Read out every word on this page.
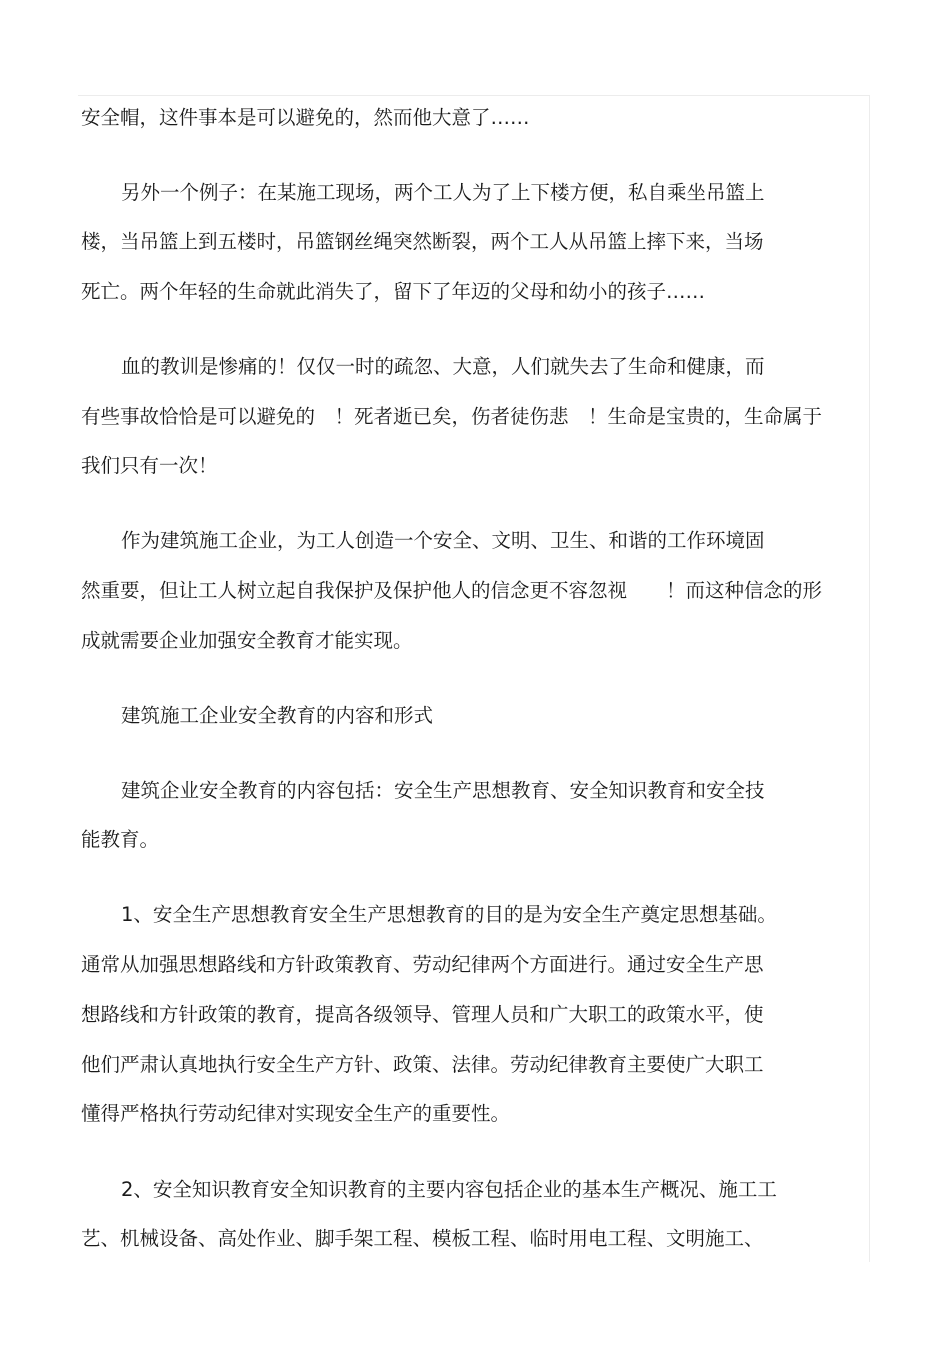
安全帽，这件事本是可以避免的，然而他大意了……

另外一个例子：在某施工现场，两个工人为了上下楼方便，私自乘坐吊篮上

楼，当吊篮上到五楼时，吊篮钢丝绳突然断裂，两个工人从吊篮上摔下来，当场

死亡。两个年轻的生命就此消失了，留下了年迈的父母和幼小的孩子……

血的教训是惨痛的！仅仅一时的疏忽、大意，人们就失去了生命和健康，而

有些事故恰恰是可以避免的　！死者逝已矣，伤者徒伤悲　！生命是宝贵的，生命属于

我们只有一次！

作为建筑施工企业，为工人创造一个安全、文明、卫生、和谐的工作环境固

然重要，但让工人树立起自我保护及保护他人的信念更不容忽视　　！而这种信念的形

成就需要企业加强安全教育才能实现。

建筑施工企业安全教育的内容和形式

建筑企业安全教育的内容包括：安全生产思想教育、安全知识教育和安全技

能教育。

1、安全生产思想教育安全生产思想教育的目的是为安全生产奠定思想基础。

通常从加强思想路线和方针政策教育、劳动纪律两个方面进行。通过安全生产思

想路线和方针政策的教育，提高各级领导、管理人员和广大职工的政策水平，使

他们严肃认真地执行安全生产方针、政策、法律。劳动纪律教育主要使广大职工

懂得严格执行劳动纪律对实现安全生产的重要性。

2、安全知识教育安全知识教育的主要内容包括企业的基本生产概况、施工工

艺、机械设备、高处作业、脚手架工程、模板工程、临时用电工程、文明施工、
